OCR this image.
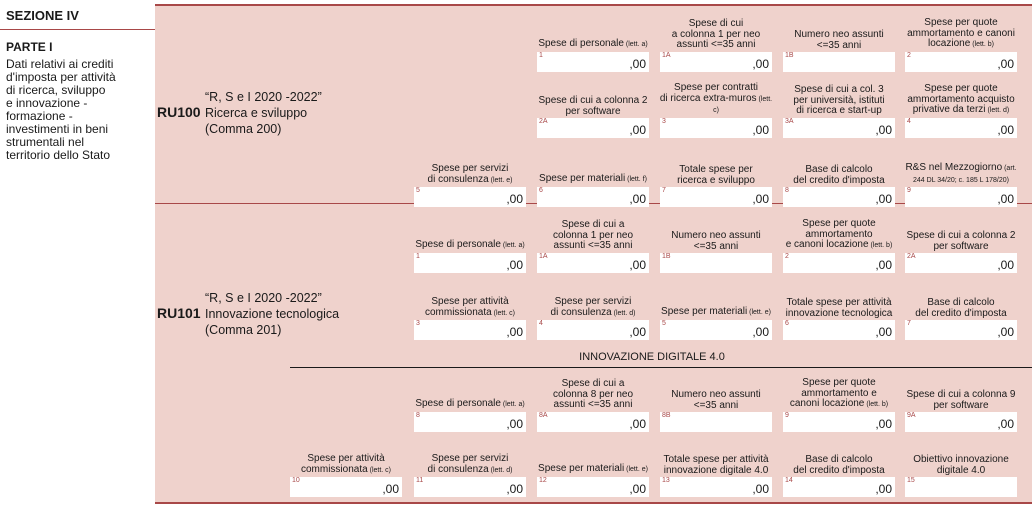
SEZIONE IV
PARTE I
Dati relativi ai crediti
d'imposta per attività
di ricerca, sviluppo
e innovazione -
formazione -
investimenti in beni
strumentali nel
territorio dello Stato
RU100
“R, S e I 2020 -2022”
Ricerca e sviluppo
(Comma 200)
RU101
“R, S e I 2020 -2022”
Innovazione tecnologica
(Comma 201)
INNOVAZIONE DIGITALE 4.0
1
,00
Spese di personale (lett. a)
1A
,00
Spese di cui
a colonna 1 per neo
assunti <=35 anni
1B
Numero neo assunti
<=35 anni
2
,00
Spese per quote
ammortamento e canoni
locazione (lett. b)
2A
,00
Spese di cui a colonna 2
per software
3
,00
Spese per contratti
di ricerca extra-muros (lett. c)
3A
,00
Spese di cui a col. 3
per università, istituti
di ricerca e start-up
4
,00
Spese per quote
ammortamento acquisto
privative da terzi (lett. d)
5
,00
Spese per servizi
di consulenza (lett. e)
6
,00
Spese per materiali (lett. f)
7
,00
Totale spese per
ricerca e sviluppo
8
,00
Base di calcolo
del credito d'imposta
9
,00
R&S nel Mezzogiorno (art. 244 DL 34/20; c. 185 L 178/20)
1
,00
Spese di personale (lett. a)
1A
,00
Spese di cui a
colonna 1 per neo
assunti <=35 anni
1B
Numero neo assunti
<=35 anni
2
,00
Spese per quote
ammortamento
e canoni locazione (lett. b)
2A
,00
Spese di cui a colonna 2
per software
3
,00
Spese per attività
commissionata (lett. c)
4
,00
Spese per servizi
di consulenza (lett. d)
5
,00
Spese per materiali (lett. e)
6
,00
Totale spese per attività
innovazione tecnologica
7
,00
Base di calcolo
del credito d'imposta
8
,00
Spese di personale (lett. a)
8A
,00
Spese di cui a
colonna 8 per neo
assunti <=35 anni
8B
Numero neo assunti
<=35 anni
9
,00
Spese per quote
ammortamento e
canoni locazione (lett. b)
9A
,00
Spese di cui a colonna 9
per software
10
,00
Spese per attività
commissionata (lett. c)
11
,00
Spese per servizi
di consulenza (lett. d)
12
,00
Spese per materiali (lett. e)
13
,00
Totale spese per attività
innovazione digitale 4.0
14
,00
Base di calcolo
del credito d'imposta
15
Obiettivo innovazione
digitale 4.0
